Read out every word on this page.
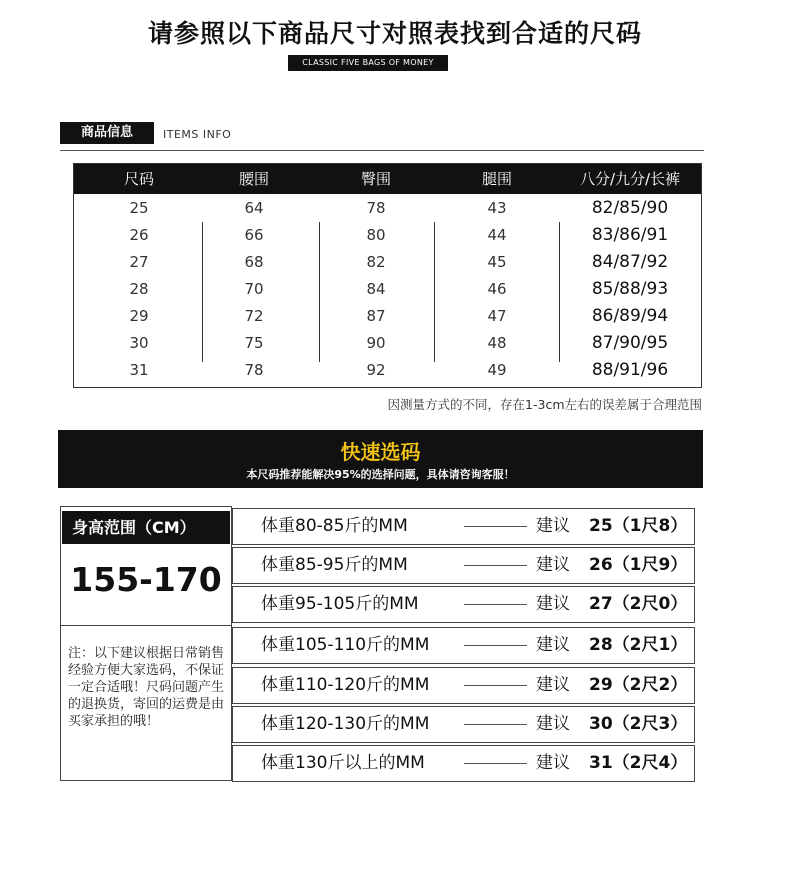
请参照以下商品尺寸对照表找到合适的尺码
CLASSIC FIVE BAGS OF MONEY
商品信息	ITEMS INFO
尺码	腰围	臀围	腿围	八分/九分/长裤
25	64	78	43	82/85/90
26	66	80	44	83/86/91
27	68	82	45	84/87/92
28	70	84	46	85/88/93
29	72	87	47	86/89/94
30	75	90	48	87/90/95
31	78	92	49	88/91/96
因测量方式的不同，存在1-3cm左右的误差属于合理范围
快速选码
本尺码推荐能解决95%的选择问题，具体请咨询客服！
身高范围（CM）
155-170
注：以下建议根据日常销售经验方便大家选码，不保证一定合适哦！尺码问题产生的退换货，寄回的运费是由买家承担的哦！
体重80-85斤的MM	建议 25（1尺8）
体重85-95斤的MM	建议 26（1尺9）
体重95-105斤的MM	建议 27（2尺0）
体重105-110斤的MM	建议 28（2尺1）
体重110-120斤的MM	建议 29（2尺2）
体重120-130斤的MM	建议 30（2尺3）
体重130斤以上的MM	建议 31（2尺4）
